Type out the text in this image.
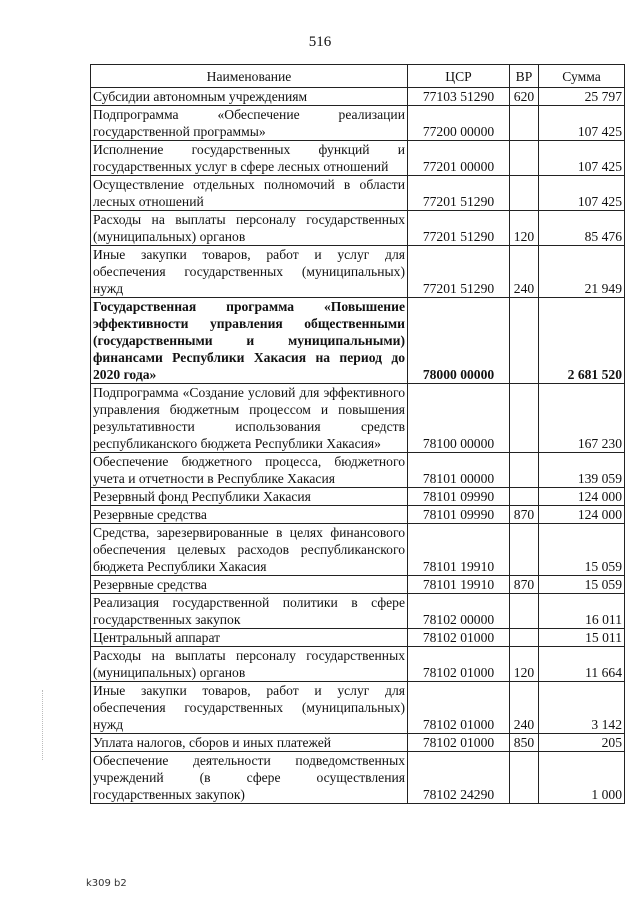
516
Наименование	ЦСР	ВР	Сумма
Субсидии автономным учреждениям	77103 51290	620	25 797
Подпрограмма «Обеспечение реализации государственной программы»	77200 00000		107 425
Исполнение государственных функций и государственных услуг в сфере лесных отношений	77201 00000		107 425
Осуществление отдельных полномочий в области лесных отношений	77201 51290		107 425
Расходы на выплаты персоналу государственных (муниципальных) органов	77201 51290	120	85 476
Иные закупки товаров, работ и услуг для обеспечения государственных (муниципальных) нужд	77201 51290	240	21 949
Государственная программа «Повышение эффективности управления общественными (государственными и муниципальными) финансами Республики Хакасия на период до 2020 года»	78000 00000		2 681 520
Подпрограмма «Создание условий для эффективного управления бюджетным процессом и повышения результативности использования средств республиканского бюджета Республики Хакасия»	78100 00000		167 230
Обеспечение бюджетного процесса, бюджетного учета и отчетности в Республике Хакасия	78101 00000		139 059
Резервный фонд Республики Хакасия	78101 09990		124 000
Резервные средства	78101 09990	870	124 000
Средства, зарезервированные в целях финансового обеспечения целевых расходов республиканского бюджета Республики Хакасия	78101 19910		15 059
Резервные средства	78101 19910	870	15 059
Реализация государственной политики в сфере государственных закупок	78102 00000		16 011
Центральный аппарат	78102 01000		15 011
Расходы на выплаты персоналу государственных (муниципальных) органов	78102 01000	120	11 664
Иные закупки товаров, работ и услуг для обеспечения государственных (муниципальных) нужд	78102 01000	240	3 142
Уплата налогов, сборов и иных платежей	78102 01000	850	205
Обеспечение деятельности подведомственных учреждений (в сфере осуществления государственных закупок)	78102 24290		1 000
k309 b2
